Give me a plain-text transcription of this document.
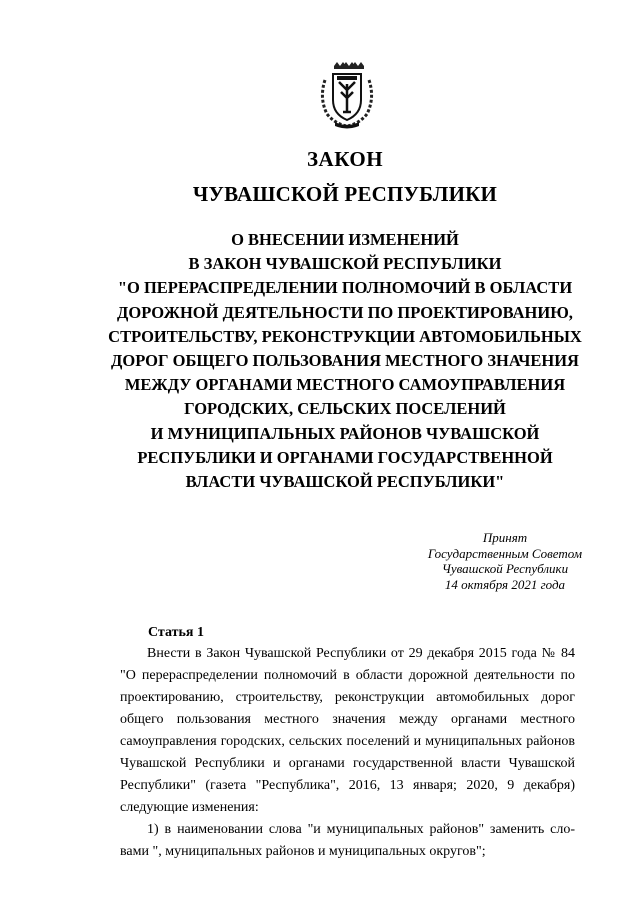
ЗАКОН
ЧУВАШСКОЙ РЕСПУБЛИКИ
О ВНЕСЕНИИ ИЗМЕНЕНИЙ
В ЗАКОН ЧУВАШСКОЙ РЕСПУБЛИКИ
"О ПЕРЕРАСПРЕДЕЛЕНИИ ПОЛНОМОЧИЙ В ОБЛАСТИ
ДОРОЖНОЙ ДЕЯТЕЛЬНОСТИ ПО ПРОЕКТИРОВАНИЮ,
СТРОИТЕЛЬСТВУ, РЕКОНСТРУКЦИИ АВТОМОБИЛЬНЫХ
ДОРОГ ОБЩЕГО ПОЛЬЗОВАНИЯ МЕСТНОГО ЗНАЧЕНИЯ
МЕЖДУ ОРГАНАМИ МЕСТНОГО САМОУПРАВЛЕНИЯ
ГОРОДСКИХ, СЕЛЬСКИХ ПОСЕЛЕНИЙ
И МУНИЦИПАЛЬНЫХ РАЙОНОВ ЧУВАШСКОЙ
РЕСПУБЛИКИ И ОРГАНАМИ ГОСУДАРСТВЕННОЙ
ВЛАСТИ ЧУВАШСКОЙ РЕСПУБЛИКИ"
Принят
Государственным Советом
Чувашской Республики
14 октября 2021 года
Статья 1

Внести в Закон Чувашской Республики от 29 декабря 2015 года № 84 "О перераспределении полномочий в области дорожной деятельности по проектированию, строительству, реконструкции автомобильных дорог общего пользования местного значения между органами местного самоуправления городских, сельских поселений и муниципальных районов Чувашской Республики и органами государственной власти Чувашской Республики" (газета "Республика", 2016, 13 января; 2020, 9 декабря) следующие изменения:

1) в наименовании слова "и муниципальных районов" заменить словами ", муниципальных районов и муниципальных округов";
